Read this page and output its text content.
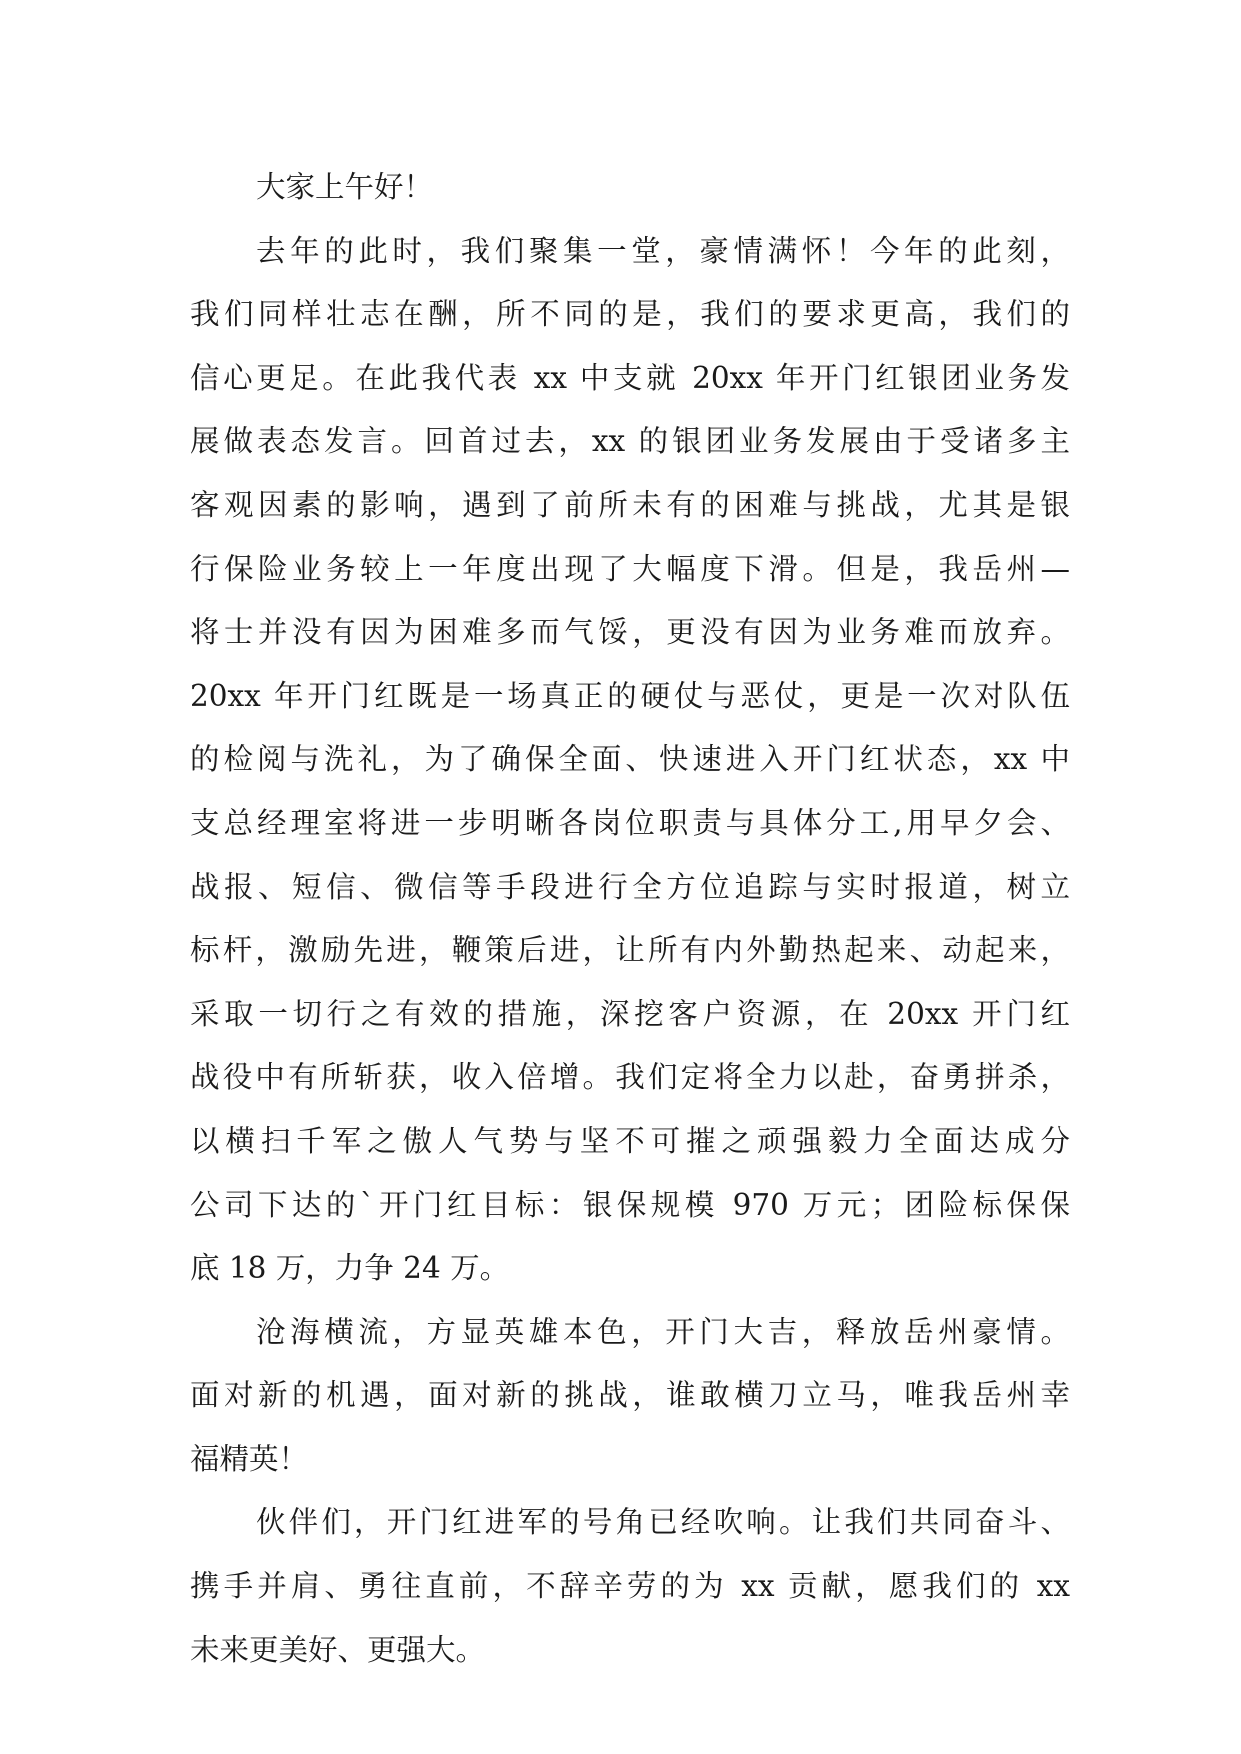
大家上午好！

去年的此时，我们聚集一堂，豪情满怀！今年的此刻，
我们同样壮志在酬，所不同的是，我们的要求更高，我们的
信心更足。在此我代表 xx 中支就 20xx 年开门红银团业务发
展做表态发言。回首过去，xx 的银团业务发展由于受诸多主
客观因素的影响，遇到了前所未有的困难与挑战，尤其是银
行保险业务较上一年度出现了大幅度下滑。但是，我岳州—
将士并没有因为困难多而气馁，更没有因为业务难而放弃。
20xx 年开门红既是一场真正的硬仗与恶仗，更是一次对队伍
的检阅与洗礼，为了确保全面、快速进入开门红状态，xx 中
支总经理室将进一步明晰各岗位职责与具体分工,用早夕会、
战报、短信、微信等手段进行全方位追踪与实时报道，树立
标杆，激励先进，鞭策后进，让所有内外勤热起来、动起来，
采取一切行之有效的措施，深挖客户资源，在 20xx 开门红
战役中有所斩获，收入倍增。我们定将全力以赴，奋勇拼杀，
以横扫千军之傲人气势与坚不可摧之顽强毅力全面达成分
公司下达的`开门红目标：银保规模 970 万元；团险标保保
底 18 万，力争 24 万。

沧海横流，方显英雄本色，开门大吉，释放岳州豪情。
面对新的机遇，面对新的挑战，谁敢横刀立马，唯我岳州幸
福精英！

伙伴们，开门红进军的号角已经吹响。让我们共同奋斗、
携手并肩、勇往直前，不辞辛劳的为 xx 贡献，愿我们的 xx
未来更美好、更强大。
